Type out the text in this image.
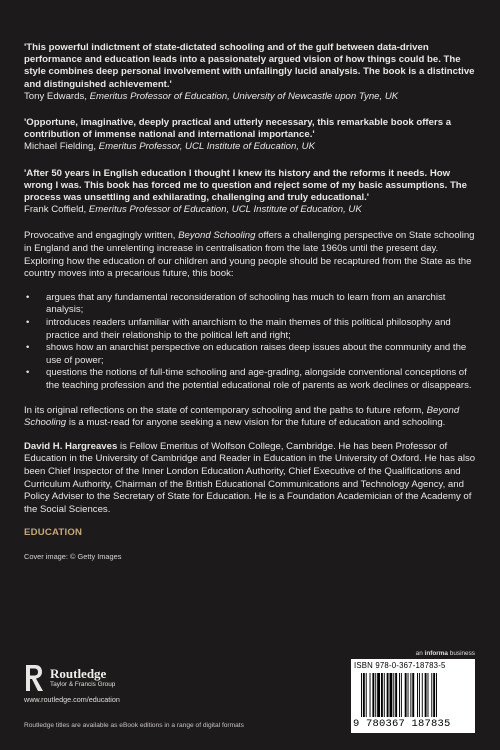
'This powerful indictment of state-dictated schooling and of the gulf between data-driven performance and education leads into a passionately argued vision of how things could be. The style combines deep personal involvement with unfailingly lucid analysis. The book is a distinctive and distinguished achievement.'

Tony Edwards, Emeritus Professor of Education, University of Newcastle upon Tyne, UK

'Opportune, imaginative, deeply practical and utterly necessary, this remarkable book offers a contribution of immense national and international importance.'

Michael Fielding, Emeritus Professor, UCL Institute of Education, UK

'After 50 years in English education I thought I knew its history and the reforms it needs. How wrong I was. This book has forced me to question and reject some of my basic assumptions. The process was unsettling and exhilarating, challenging and truly educational.'

Frank Coffield, Emeritus Professor of Education, UCL Institute of Education, UK

Provocative and engagingly written, Beyond Schooling offers a challenging perspective on State schooling in England and the unrelenting increase in centralisation from the late 1960s until the present day. Exploring how the education of our children and young people should be recaptured from the State as the country moves into a precarious future, this book:

• argues that any fundamental reconsideration of schooling has much to learn from an anarchist analysis;
• introduces readers unfamiliar with anarchism to the main themes of this political philosophy and practice and their relationship to the political left and right;
• shows how an anarchist perspective on education raises deep issues about the community and the use of power;
• questions the notions of full-time schooling and age-grading, alongside conventional conceptions of the teaching profession and the potential educational role of parents as work declines or disappears.

In its original reflections on the state of contemporary schooling and the paths to future reform, Beyond Schooling is a must-read for anyone seeking a new vision for the future of education and schooling.

David H. Hargreaves is Fellow Emeritus of Wolfson College, Cambridge. He has been Professor of Education in the University of Cambridge and Reader in Education in the University of Oxford. He has also been Chief Inspector of the Inner London Education Authority, Chief Executive of the Qualifications and Curriculum Authority, Chairman of the British Educational Communications and Technology Agency, and Policy Adviser to the Secretary of State for Education. He is a Foundation Academician of the Academy of the Social Sciences.

EDUCATION

Cover image: © Getty Images

Routledge
Taylor & Francis Group
www.routledge.com/education
an informa business
ISBN 978-0-367-18783-5
9 780367 187835
Routledge titles are available as eBook editions in a range of digital formats
